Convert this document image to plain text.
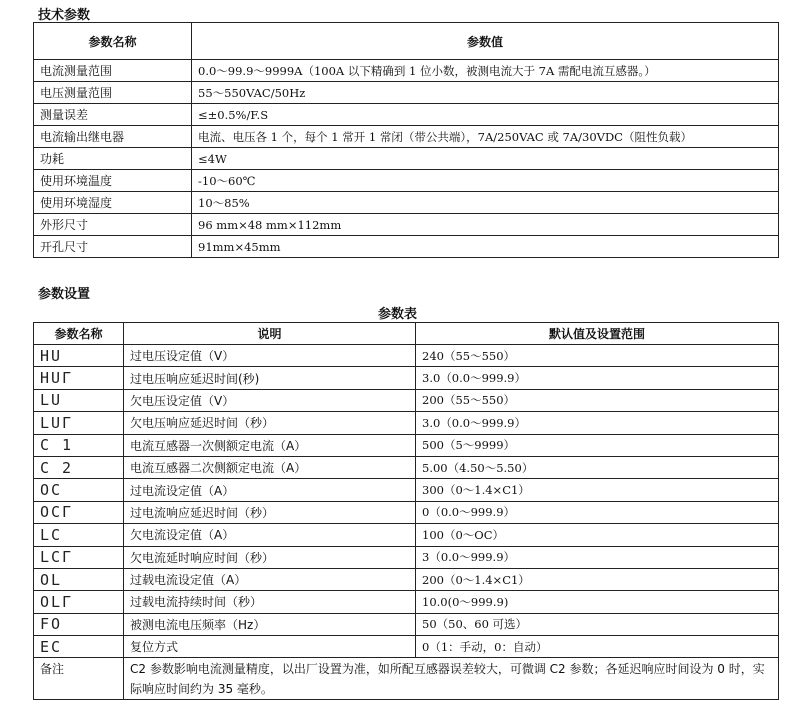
技术参数
参数名称	参数值
电流测量范围	0.0～99.9～9999A（100A 以下精确到 1 位小数，被测电流大于 7A 需配电流互感器。）
电压测量范围	55～550VAC/50Hz
测量误差	≤±0.5%/F.S
电流输出继电器	电流、电压各 1 个，每个 1 常开 1 常闭（带公共端），7A/250VAC 或 7A/30VDC（阻性负载）
功耗	≤4W
使用环境温度	-10～60℃
使用环境湿度	10～85%
外形尺寸	96 mm×48 mm×112mm
开孔尺寸	91mm×45mm
参数设置
参数表
参数名称	说明	默认值及设置范围
HU	过电压设定值（V）	240（55～550）
HUΓ	过电压响应延迟时间(秒)	3.0（0.0～999.9）
LU	欠电压设定值（V）	200（55～550）
LUΓ	欠电压响应延迟时间（秒）	3.0（0.0～999.9）
C 1	电流互感器一次侧额定电流（A）	500（5～9999）
C 2	电流互感器二次侧额定电流（A）	5.00（4.50～5.50）
OC	过电流设定值（A）	300（0～1.4×C1）
OCΓ	过电流响应延迟时间（秒）	0（0.0～999.9）
LC	欠电流设定值（A）	100（0～OC）
LCΓ	欠电流延时响应时间（秒）	3（0.0～999.9）
OL	过载电流设定值（A）	200（0～1.4×C1）
OLΓ	过载电流持续时间（秒）	10.0(0～999.9)
FO	被测电流电压频率（Hz）	50（50、60 可选）
EC	复位方式	0（1：手动，0：自动）
备注	C2 参数影响电流测量精度，以出厂设置为准，如所配互感器误差较大，可微调 C2 参数；各延迟响应时间设为 0 时，实际响应时间约为 35 毫秒。	
